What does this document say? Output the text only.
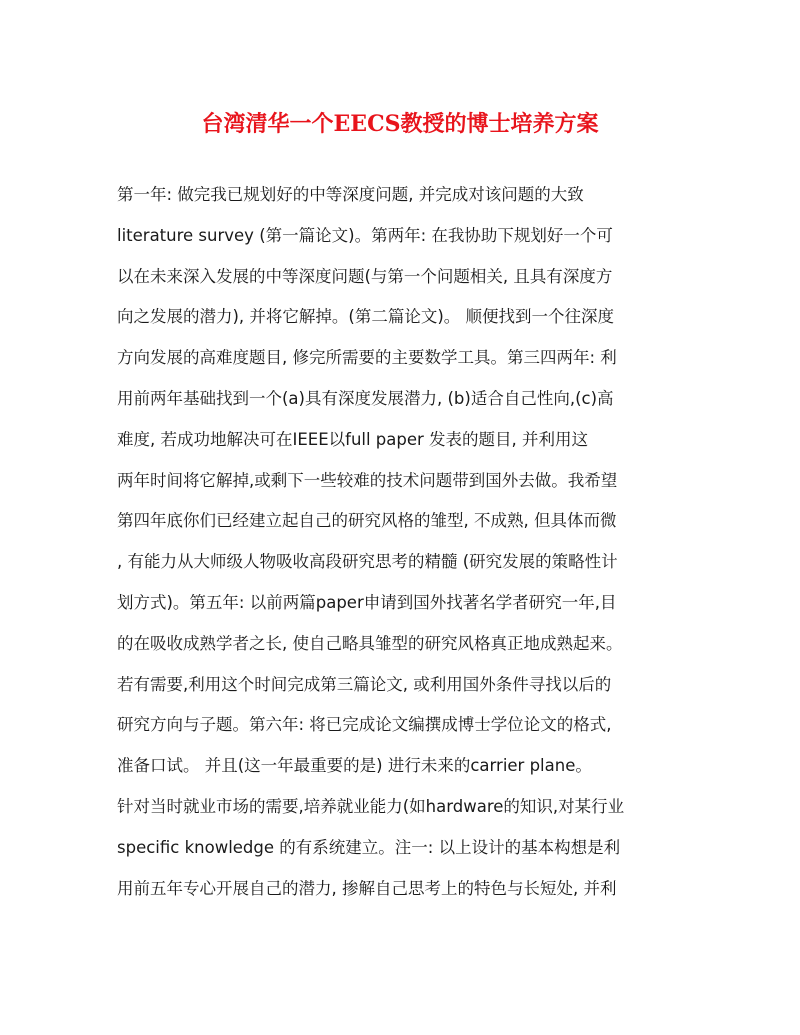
台湾清华一个EECS教授的博士培养方案
第一年: 做完我已规划好的中等深度问题, 并完成对该问题的大致
literature survey (第一篇论文)。第两年: 在我协助下规划好一个可
以在未来深入发展的中等深度问题(与第一个问题相关, 且具有深度方
向之发展的潜力), 并将它解掉。(第二篇论文)。 顺便找到一个往深度
方向发展的高难度题目, 修完所需要的主要数学工具。第三四两年: 利
用前两年基础找到一个(a)具有深度发展潜力, (b)适合自己性向,(c)高
难度, 若成功地解决可在IEEE以full paper 发表的题目, 并利用这
两年时间将它解掉,或剩下一些较难的技术问题带到国外去做。我希望
第四年底你们已经建立起自己的研究风格的雏型, 不成熟, 但具体而微
, 有能力从大师级人物吸收高段研究思考的精髓 (研究发展的策略性计
划方式)。第五年: 以前两篇paper申请到国外找著名学者研究一年,目
的在吸收成熟学者之长, 使自己略具雏型的研究风格真正地成熟起来。
若有需要,利用这个时间完成第三篇论文, 或利用国外条件寻找以后的
研究方向与子题。第六年: 将已完成论文编撰成博士学位论文的格式,
准备口试。 并且(这一年最重要的是) 进行未来的carrier plane。
针对当时就业市场的需要,培养就业能力(如hardware的知识,对某行业
specific knowledge 的有系统建立。注一: 以上设计的基本构想是利
用前五年专心开展自己的潜力, 掺解自己思考上的特色与长短处, 并利
